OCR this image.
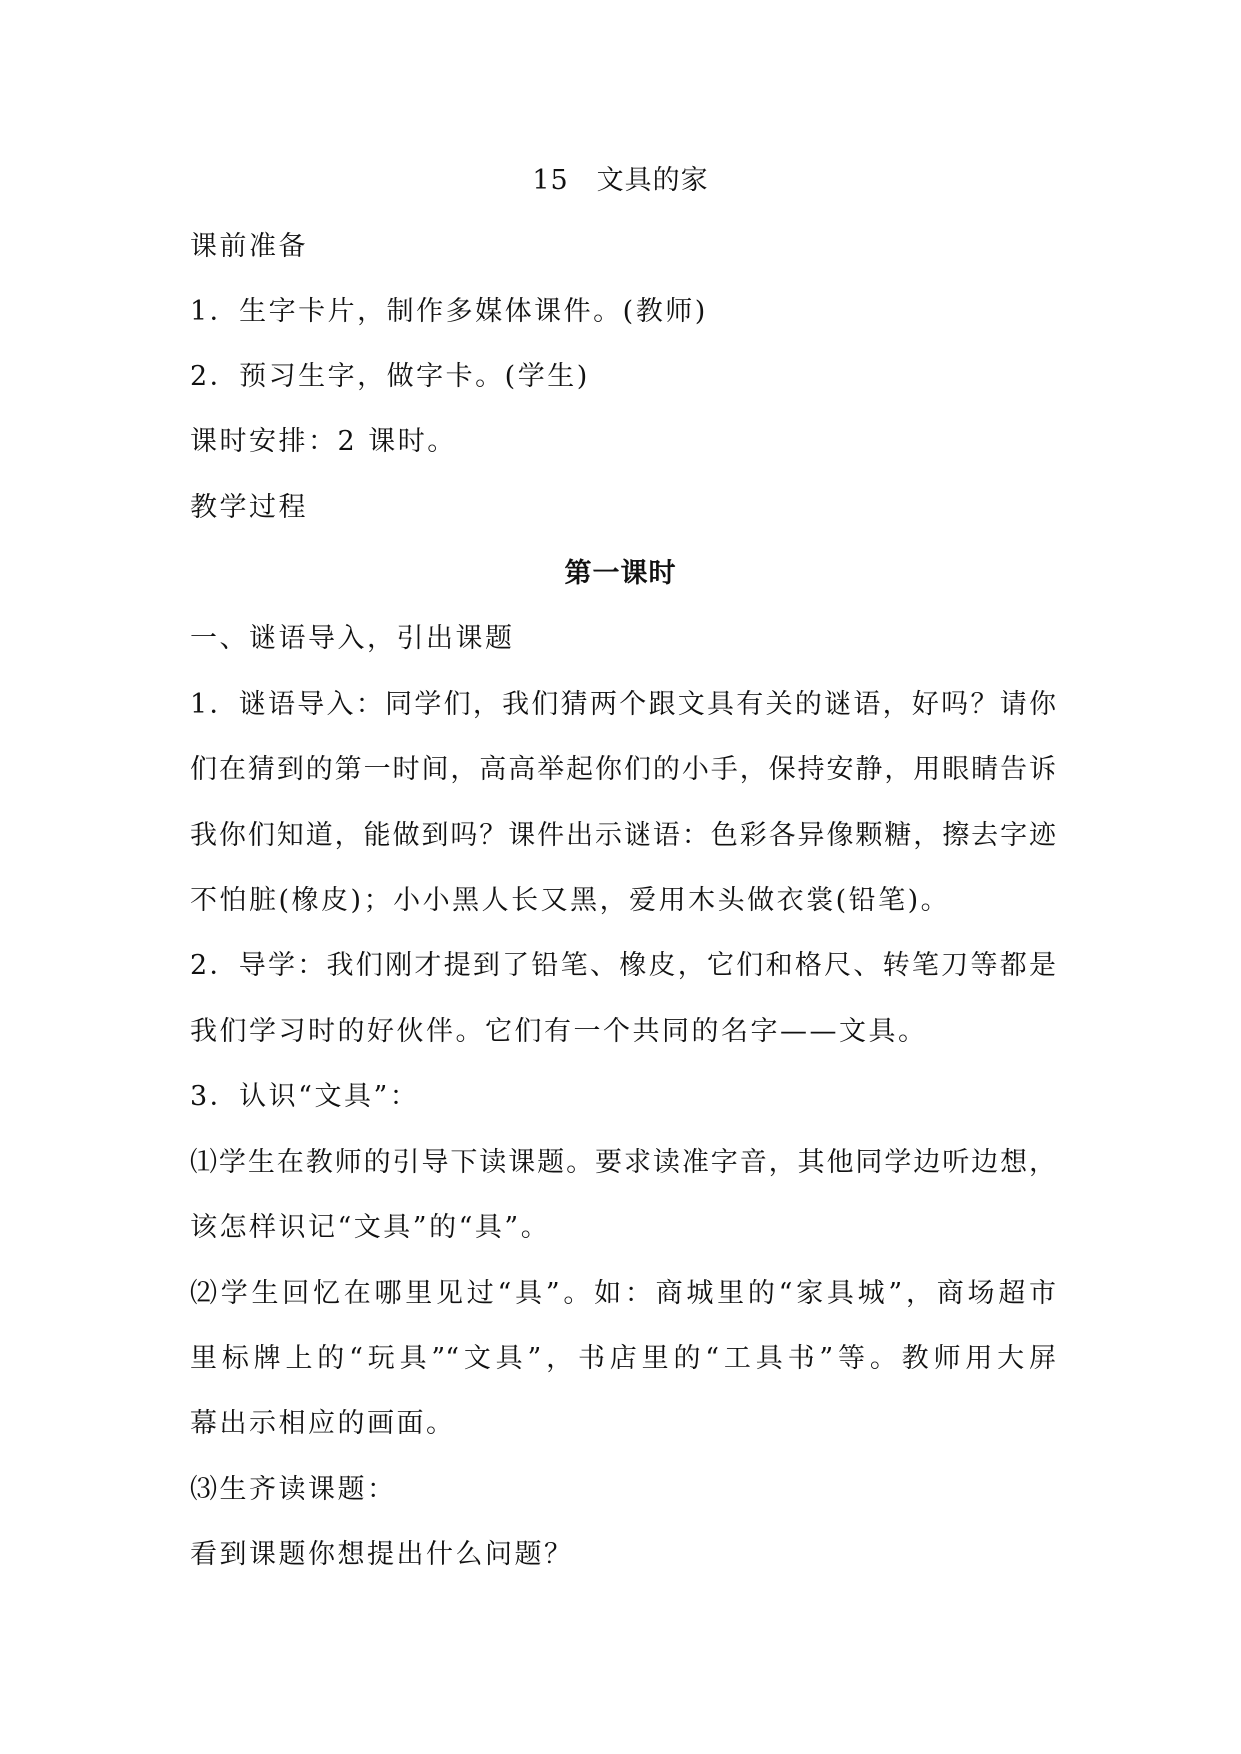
15 文具的家
课前准备
1．生字卡片，制作多媒体课件。(教师)
2．预习生字，做字卡。(学生)
课时安排：2 课时。
教学过程
第一课时
一、谜语导入，引出课题
1．谜语导入：同学们，我们猜两个跟文具有关的谜语，好吗？请你
们在猜到的第一时间，高高举起你们的小手，保持安静，用眼睛告诉
我你们知道，能做到吗？课件出示谜语：色彩各异像颗糖，擦去字迹
不怕脏(橡皮)；小小黑人长又黑，爱用木头做衣裳(铅笔)。
2．导学：我们刚才提到了铅笔、橡皮，它们和格尺、转笔刀等都是
我们学习时的好伙伴。它们有一个共同的名字——文具。
3．认识“文具”：
⑴学生在教师的引导下读课题。要求读准字音，其他同学边听边想，
该怎样识记“文具”的“具”。
⑵学生回忆在哪里见过“具”。如：商城里的“家具城”，商场超市
里标牌上的“玩具”“文具”，书店里的“工具书”等。教师用大屏
幕出示相应的画面。
⑶生齐读课题：
看到课题你想提出什么问题？
